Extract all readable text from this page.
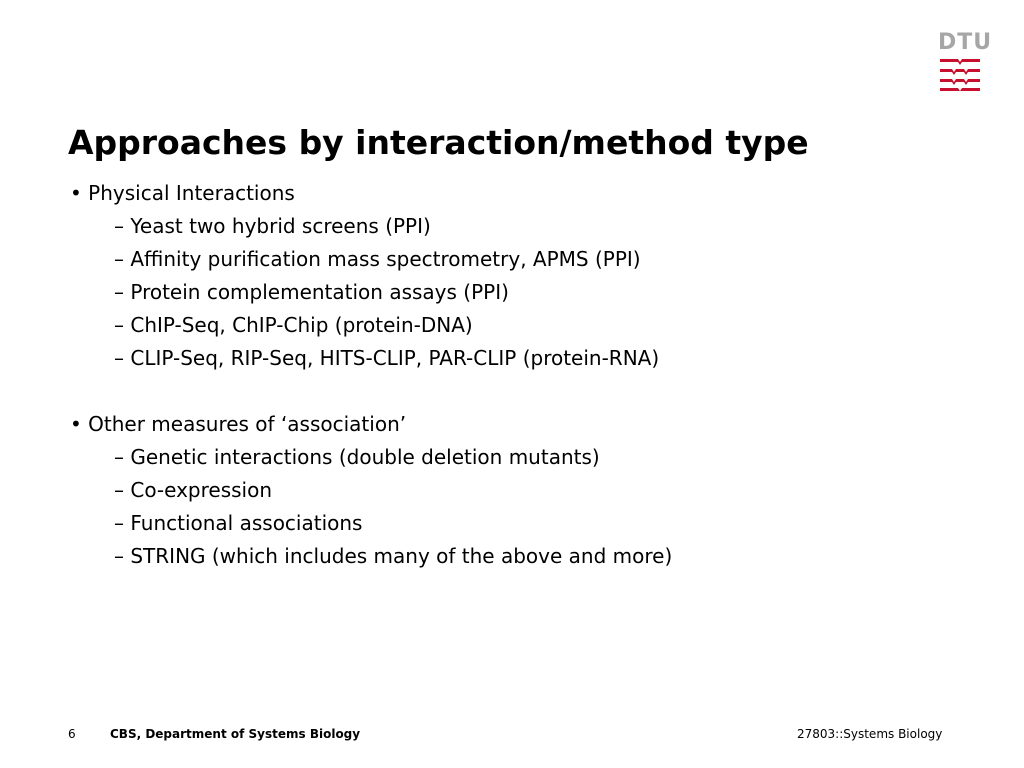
DTU
Approaches by interaction/method type
• Physical Interactions
– Yeast two hybrid screens (PPI)
– Affinity purification mass spectrometry, APMS (PPI)
– Protein complementation assays (PPI)
– ChIP-Seq, ChIP-Chip (protein-DNA)
– CLIP-Seq, RIP-Seq, HITS-CLIP, PAR-CLIP (protein-RNA)
• Other measures of ‘association’
– Genetic interactions (double deletion mutants)
– Co-expression
– Functional associations
– STRING (which includes many of the above and more)
6	CBS, Department of Systems Biology	27803::Systems Biology
